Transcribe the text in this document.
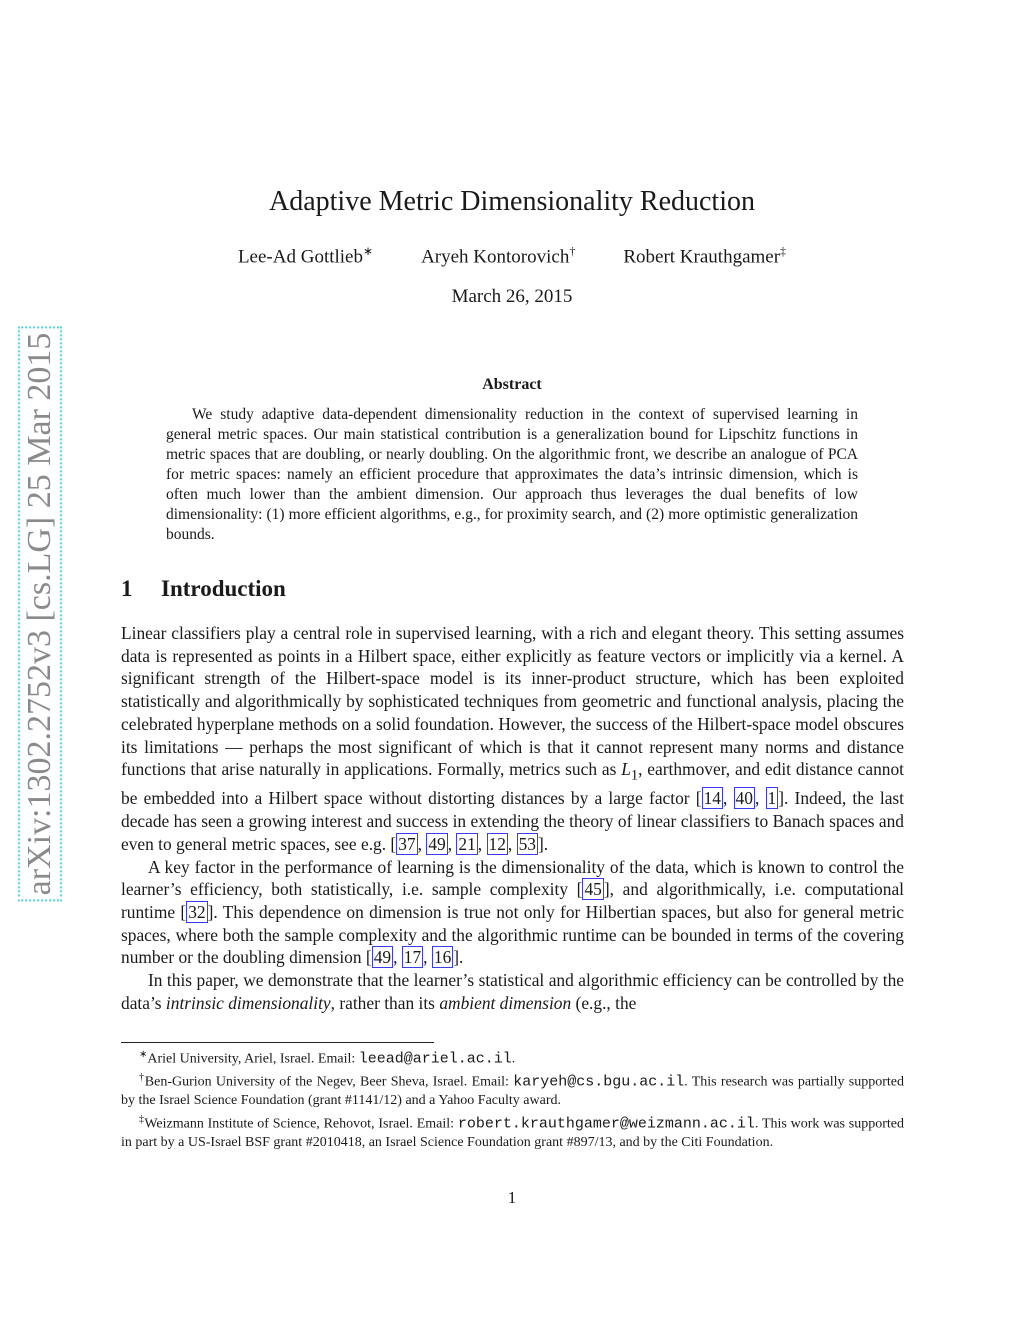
arXiv:1302.2752v3 [cs.LG] 25 Mar 2015
Adaptive Metric Dimensionality Reduction
Lee-Ad Gottlieb∗	Aryeh Kontorovich†	Robert Krauthgamer‡
March 26, 2015
Abstract
We study adaptive data-dependent dimensionality reduction in the context of supervised learning in general metric spaces. Our main statistical contribution is a generalization bound for Lipschitz functions in metric spaces that are doubling, or nearly doubling. On the algorithmic front, we describe an analogue of PCA for metric spaces: namely an efficient procedure that approximates the data’s intrinsic dimension, which is often much lower than the ambient dimension. Our approach thus leverages the dual benefits of low dimensionality: (1) more efficient algorithms, e.g., for proximity search, and (2) more optimistic generalization bounds.
1 Introduction

Linear classifiers play a central role in supervised learning, with a rich and elegant theory. This setting assumes data is represented as points in a Hilbert space, either explicitly as feature vectors or implicitly via a kernel. A significant strength of the Hilbert-space model is its inner-product structure, which has been exploited statistically and algorithmically by sophisticated techniques from geometric and functional analysis, placing the celebrated hyperplane methods on a solid foundation. However, the success of the Hilbert-space model obscures its limitations — perhaps the most significant of which is that it cannot represent many norms and distance functions that arise naturally in applications. Formally, metrics such as $L_1$, earthmover, and edit distance cannot be embedded into a Hilbert space without distorting distances by a large factor [ 14 , 40 , 1 ]. Indeed, the last decade has seen a growing interest and success in extending the theory of linear classifiers to Banach spaces and even to general metric spaces, see e.g. [ 37 , 49 , 21 , 12 , 53 ].

A key factor in the performance of learning is the dimensionality of the data, which is known to control the learner’s efficiency, both statistically, i.e. sample complexity [ 45 ], and algorithmically, i.e. computational runtime [ 32 ]. This dependence on dimension is true not only for Hilbertian spaces, but also for general metric spaces, where both the sample complexity and the algorithmic runtime can be bounded in terms of the covering number or the doubling dimension [ 49 , 17 , 16 ].

In this paper, we demonstrate that the learner’s statistical and algorithmic efficiency can be controlled by the data’s intrinsic dimensionality, rather than its ambient dimension (e.g., the

∗Ariel University, Ariel, Israel. Email: leead@ariel.ac.il.

†Ben-Gurion University of the Negev, Beer Sheva, Israel. Email: karyeh@cs.bgu.ac.il. This research was partially supported by the Israel Science Foundation (grant #1141/12) and a Yahoo Faculty award.

‡Weizmann Institute of Science, Rehovot, Israel. Email: robert.krauthgamer@weizmann.ac.il. This work was supported in part by a US-Israel BSF grant #2010418, an Israel Science Foundation grant #897/13, and by the Citi Foundation.

1
